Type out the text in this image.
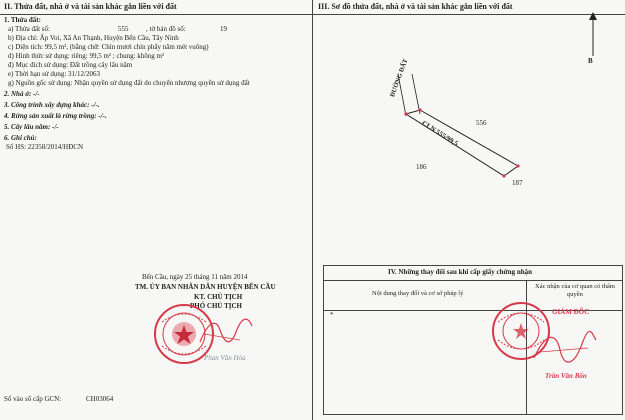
II. Thửa đất, nhà ở và tài sản khác gắn liền với đất
1. Thửa đất:
a) Thửa đất số:	555	, tờ bản đồ số:	19
b) Địa chỉ: Ấp Voi, Xã An Thạnh, Huyện Bến Cầu, Tây Ninh
c) Diện tích: 99,5 m², (bằng chữ: Chín mươi chín phẩy năm mét vuông)
d) Hình thức sử dụng: riêng: 99,5 m² ; chung: không m²
đ) Mục đích sử dụng: Đất trồng cây lâu năm
e) Thời hạn sử dụng: 31/12/2063
g) Nguồn gốc sử dụng: Nhận quyền sử dụng đất do chuyển nhượng quyền sử dụng đất
2. Nhà ở: -/-
3. Công trình xây dựng khác: -/-.
4. Rừng sản xuất là rừng trồng: -/-.
5. Cây lâu năm: -/-
6. Ghi chú:
Số HS: 22358/2014/HĐCN
Bến Cầu, ngày 25 tháng 11 năm 2014
TM. ỦY BAN NHÂN DÂN HUYỆN BẾN CẦU
KT. CHỦ TỊCH
PHÓ CHỦ TỊCH
Phan Văn Hòa
Số vào sổ cấp GCN:	CH03064
III. Sơ đồ thửa đất, nhà ở và tài sản khác gắn liền với đất
B
ĐƯỜNG ĐẤT
CLN 555/99,5 556
186
187
IV. Những thay đổi sau khi cấp giấy chứng nhận
Nội dung thay đổi và cơ sở pháp lý
Xác nhận của cơ quan có thẩm quyền
*	GIÁM ĐỐC
Trần Văn Bốn
